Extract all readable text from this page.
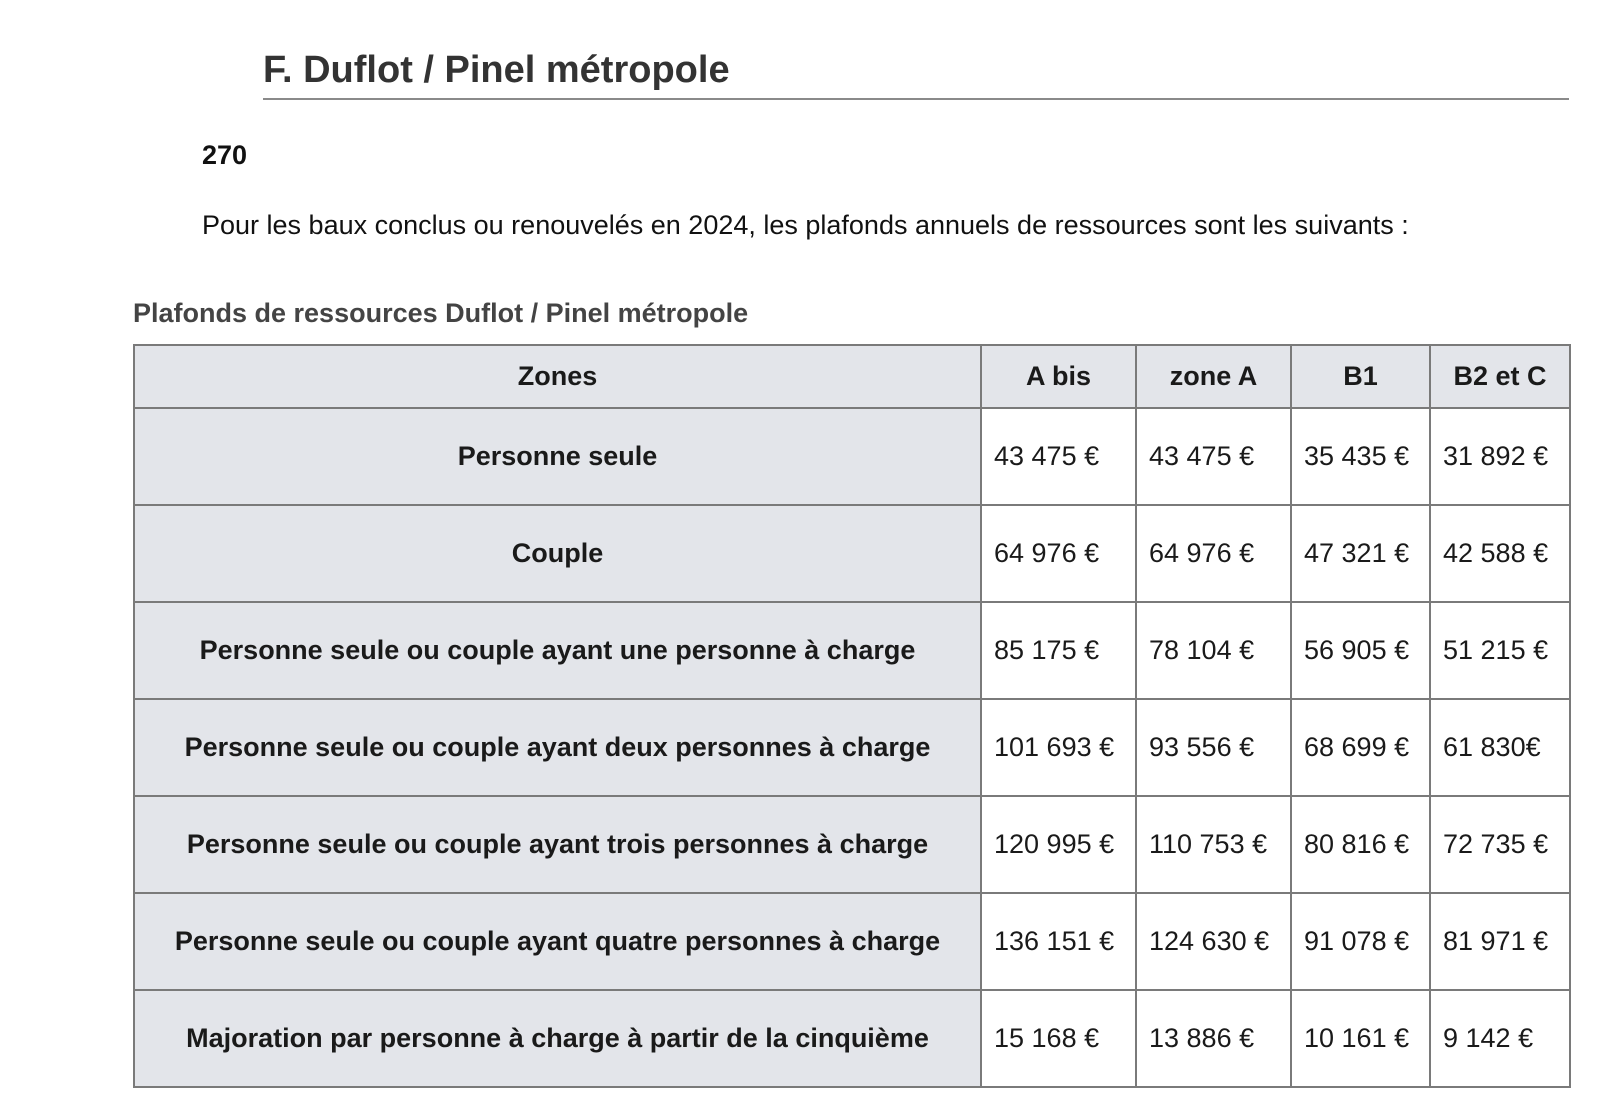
F. Duflot / Pinel métropole
270
Pour les baux conclus ou renouvelés en 2024, les plafonds annuels de ressources sont les suivants :
Plafonds de ressources Duflot / Pinel métropole
Zones	A bis	zone A	B1	B2 et C
Personne seule	43 475 €	43 475 €	35 435 €	31 892 €
Couple	64 976 €	64 976 €	47 321 €	42 588 €
Personne seule ou couple ayant une personne à charge	85 175 €	78 104 €	56 905 €	51 215 €
Personne seule ou couple ayant deux personnes à charge	101 693 €	93 556 €	68 699 €	61 830€
Personne seule ou couple ayant trois personnes à charge	120 995 €	110 753 €	80 816 €	72 735 €
Personne seule ou couple ayant quatre personnes à charge	136 151 €	124 630 €	91 078 €	81 971 €
Majoration par personne à charge à partir de la cinquième	15 168 €	13 886 €	10 161 €	9 142 €
